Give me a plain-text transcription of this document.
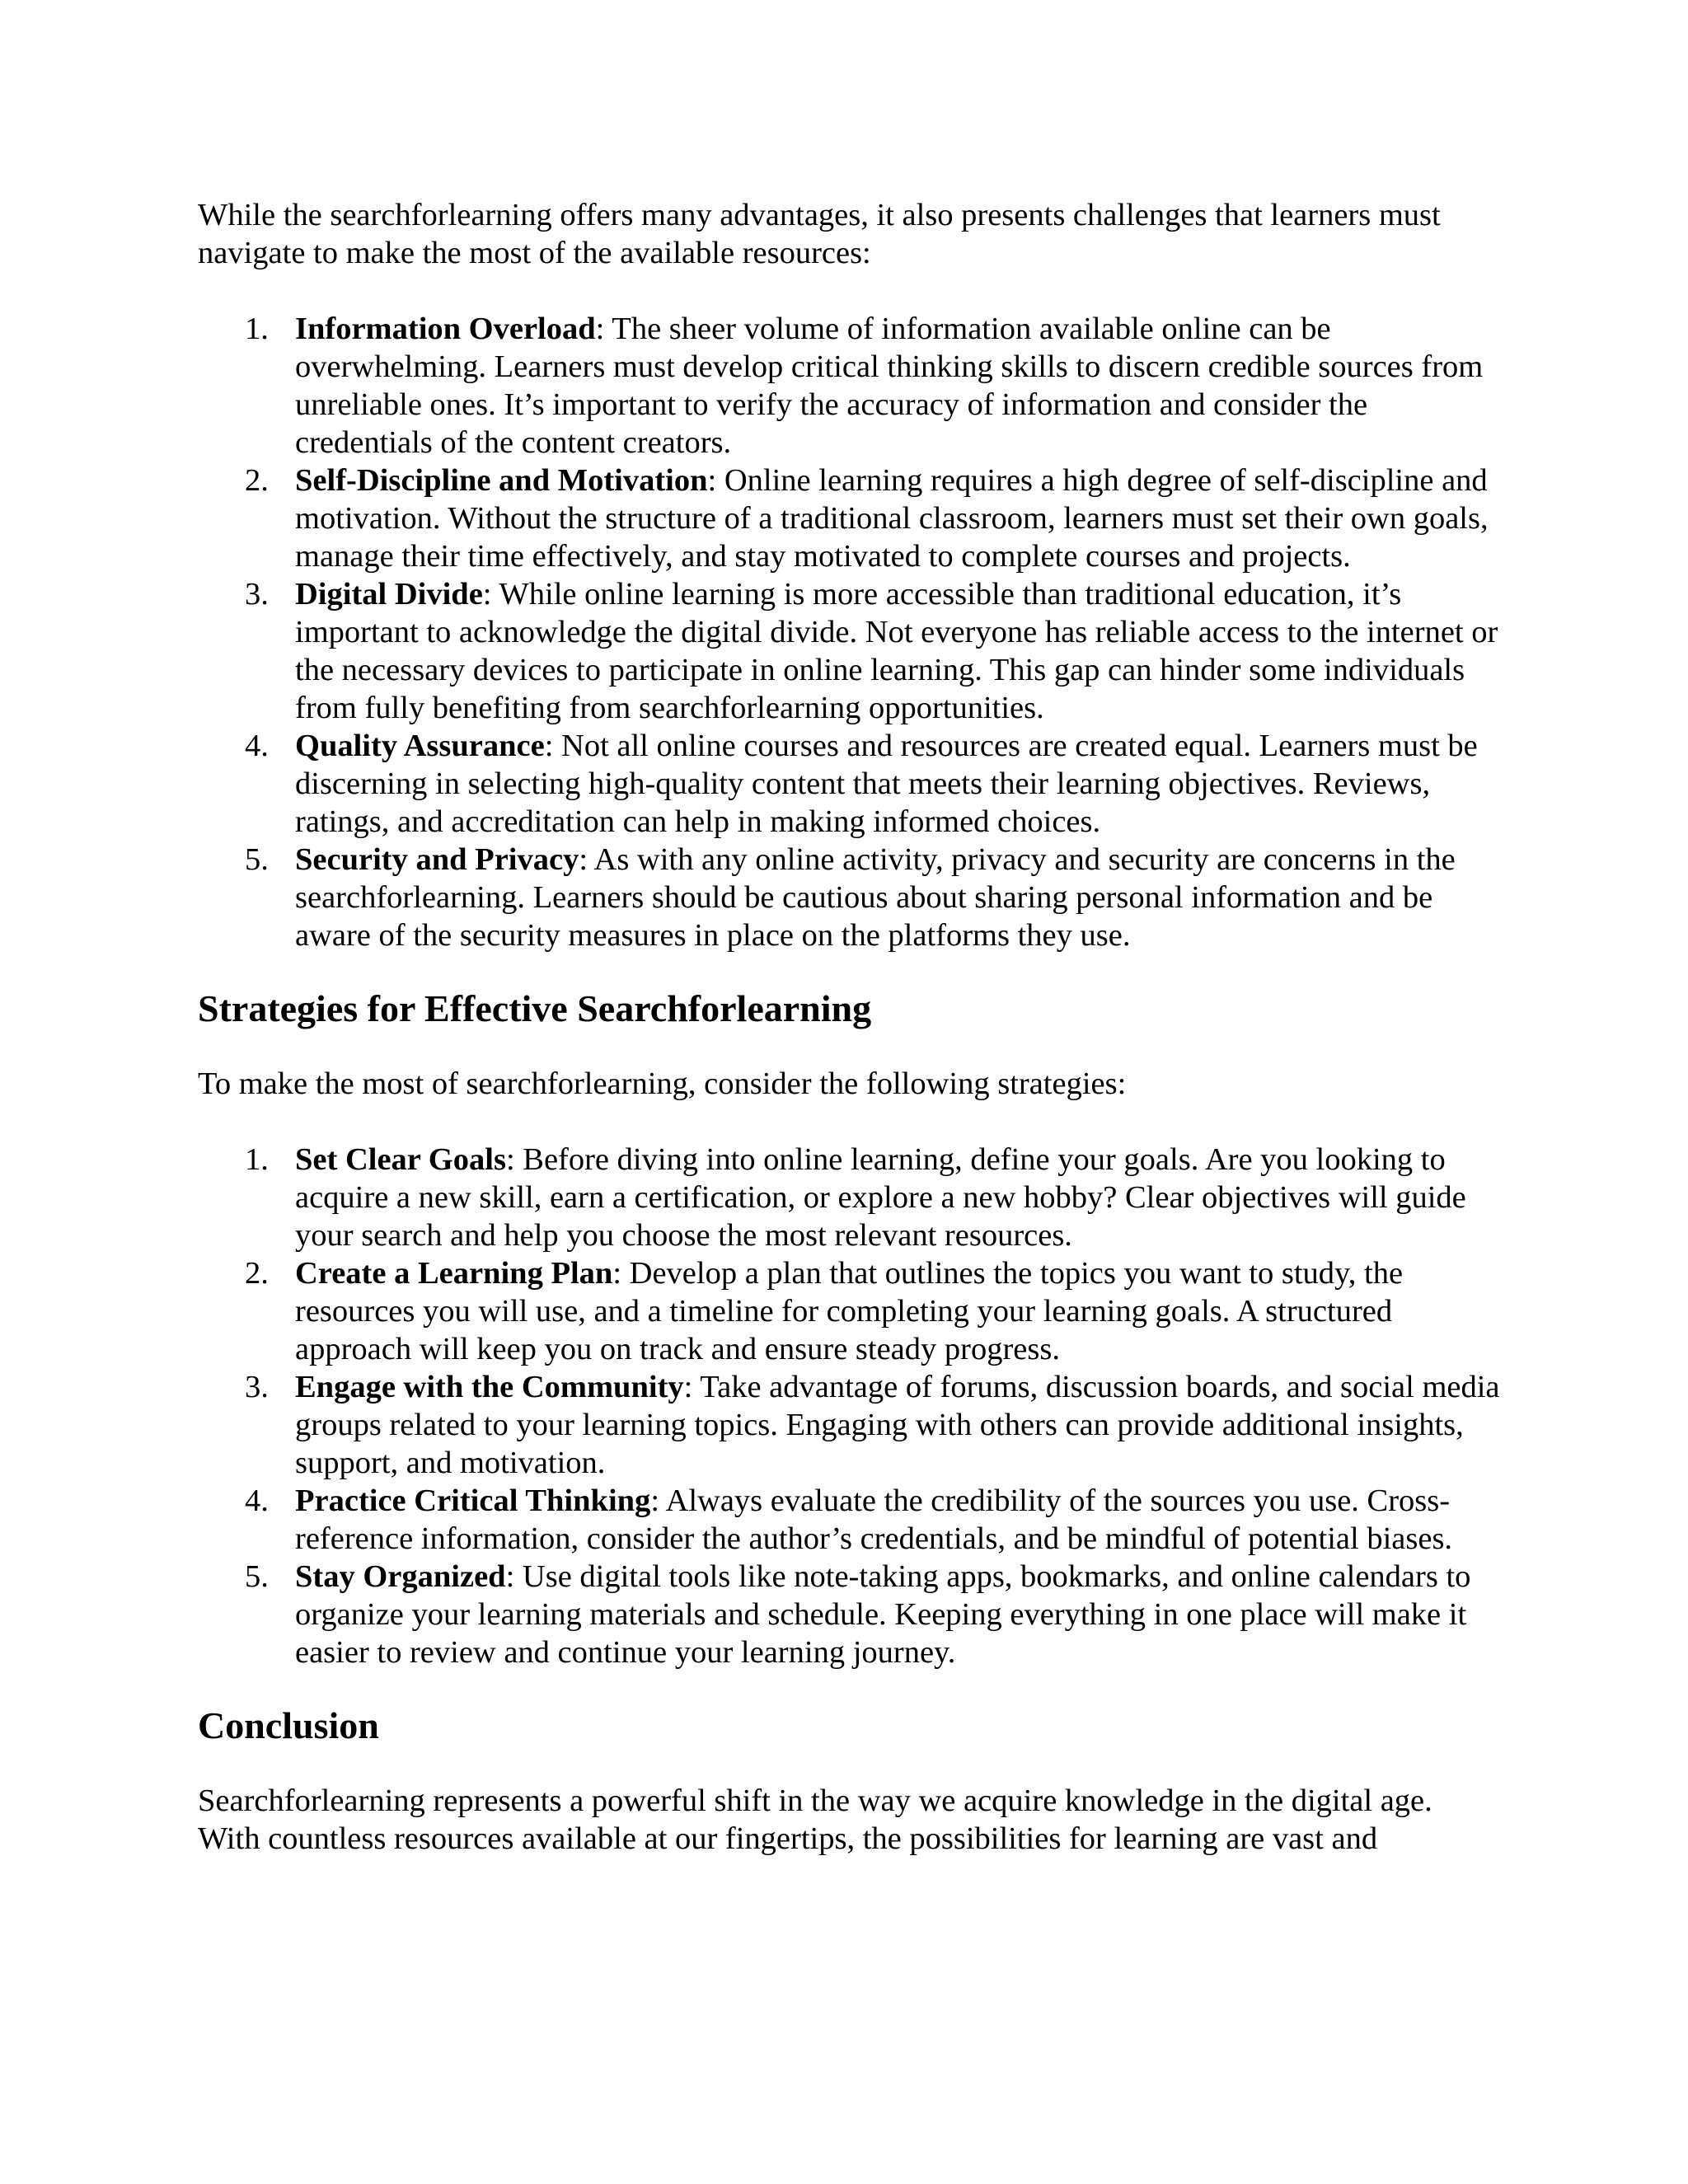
While the searchforlearning offers many advantages, it also presents challenges that learners must navigate to make the most of the available resources:

1. Information Overload: The sheer volume of information available online can be overwhelming. Learners must develop critical thinking skills to discern credible sources from unreliable ones. It’s important to verify the accuracy of information and consider the credentials of the content creators.
2. Self-Discipline and Motivation: Online learning requires a high degree of self-discipline and motivation. Without the structure of a traditional classroom, learners must set their own goals, manage their time effectively, and stay motivated to complete courses and projects.
3. Digital Divide: While online learning is more accessible than traditional education, it’s important to acknowledge the digital divide. Not everyone has reliable access to the internet or the necessary devices to participate in online learning. This gap can hinder some individuals from fully benefiting from searchforlearning opportunities.
4. Quality Assurance: Not all online courses and resources are created equal. Learners must be discerning in selecting high-quality content that meets their learning objectives. Reviews, ratings, and accreditation can help in making informed choices.
5. Security and Privacy: As with any online activity, privacy and security are concerns in the searchforlearning. Learners should be cautious about sharing personal information and be aware of the security measures in place on the platforms they use.
Strategies for Effective Searchforlearning

To make the most of searchforlearning, consider the following strategies:

1. Set Clear Goals: Before diving into online learning, define your goals. Are you looking to acquire a new skill, earn a certification, or explore a new hobby? Clear objectives will guide your search and help you choose the most relevant resources.
2. Create a Learning Plan: Develop a plan that outlines the topics you want to study, the resources you will use, and a timeline for completing your learning goals. A structured approach will keep you on track and ensure steady progress.
3. Engage with the Community: Take advantage of forums, discussion boards, and social media groups related to your learning topics. Engaging with others can provide additional insights, support, and motivation.
4. Practice Critical Thinking: Always evaluate the credibility of the sources you use. Cross-reference information, consider the author’s credentials, and be mindful of potential biases.
5. Stay Organized: Use digital tools like note-taking apps, bookmarks, and online calendars to organize your learning materials and schedule. Keeping everything in one place will make it easier to review and continue your learning journey.
Conclusion

Searchforlearning represents a powerful shift in the way we acquire knowledge in the digital age. With countless resources available at our fingertips, the possibilities for learning are vast and
